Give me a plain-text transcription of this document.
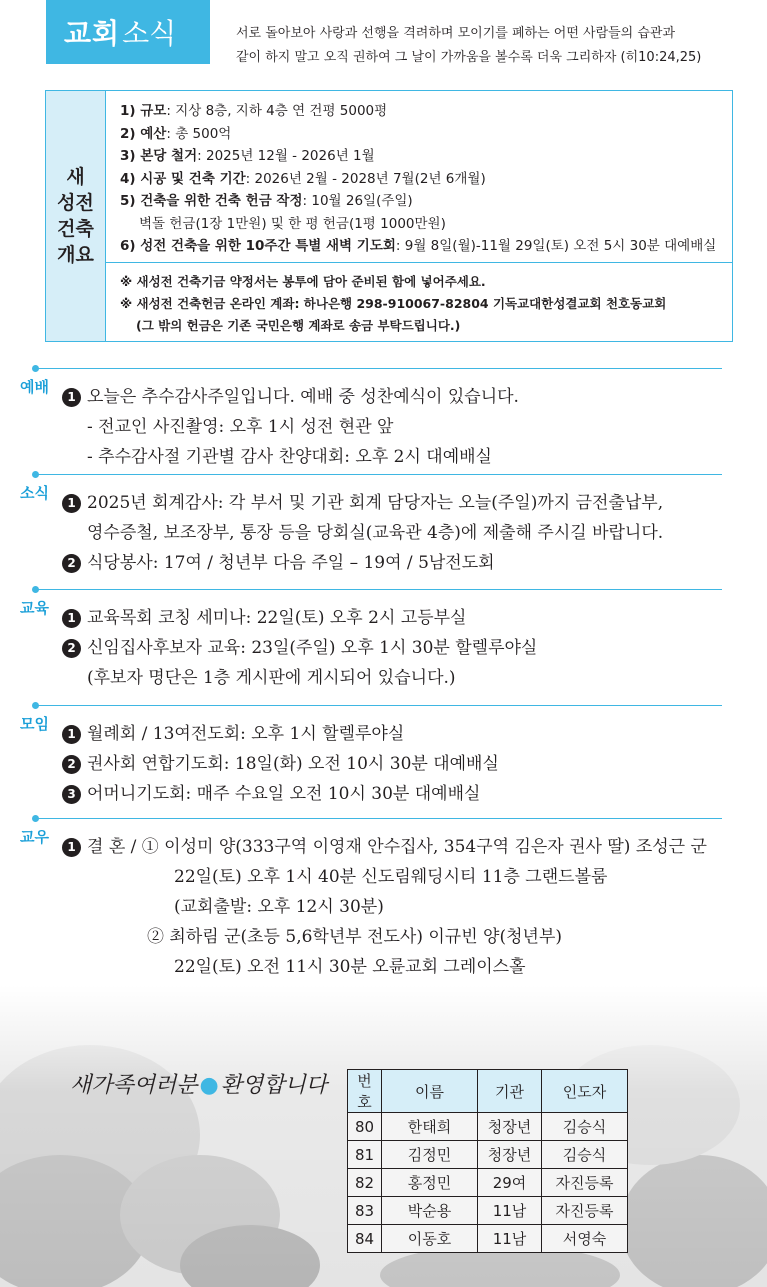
교회 소식	서로 돌아보아 사랑과 선행을 격려하며 모이기를 폐하는 어떤 사람들의 습관과
같이 하지 말고 오직 권하여 그 날이 가까움을 볼수록 더욱 그리하자 (히10:24,25)
새
성전
건축
개요
1) 규모: 지상 8층, 지하 4층 연 건평 5000평
2) 예산: 총 500억
3) 본당 철거: 2025년 12월 - 2026년 1월
4) 시공 및 건축 기간: 2026년 2월 - 2028년 7월(2년 6개월)
5) 건축을 위한 건축 헌금 작정: 10월 26일(주일)
벽돌 헌금(1장 1만원) 및 한 평 헌금(1평 1000만원)
6) 성전 건축을 위한 10주간 특별 새벽 기도회: 9월 8일(월)-11월 29일(토) 오전 5시 30분 대예배실
※ 새성전 건축기금 약정서는 봉투에 담아 준비된 함에 넣어주세요.
※ 새성전 건축헌금 온라인 계좌: 하나은행 298-910067-82804 기독교대한성결교회 천호동교회
(그 밖의 헌금은 기존 국민은행 계좌로 송금 부탁드립니다.)
예배
1 오늘은 추수감사주일입니다. 예배 중 성찬예식이 있습니다.
- 전교인 사진촬영: 오후 1시 성전 현관 앞
- 추수감사절 기관별 감사 찬양대회: 오후 2시 대예배실
소식
1 2025년 회계감사: 각 부서 및 기관 회계 담당자는 오늘(주일)까지 금전출납부,
영수증철, 보조장부, 통장 등을 당회실(교육관 4층)에 제출해 주시길 바랍니다.
2 식당봉사: 17여 / 청년부 다음 주일 – 19여 / 5남전도회
교육
1 교육목회 코칭 세미나: 22일(토) 오후 2시 고등부실
2 신임집사후보자 교육: 23일(주일) 오후 1시 30분 할렐루야실
(후보자 명단은 1층 게시판에 게시되어 있습니다.)
모임
1 월례회 / 13여전도회: 오후 1시 할렐루야실
2 권사회 연합기도회: 18일(화) 오전 10시 30분 대예배실
3 어머니기도회: 매주 수요일 오전 10시 30분 대예배실
교우
1 결 혼 / ① 이성미 양(333구역 이영재 안수집사, 354구역 김은자 권사 딸) 조성근 군
22일(토) 오후 1시 40분 신도림웨딩시티 11층 그랜드볼룸
(교회출발: 오후 12시 30분)
② 최하림 군(초등 5,6학년부 전도사) 이규빈 양(청년부)
22일(토) 오전 11시 30분 오륜교회 그레이스홀
새가족여러분●환영합니다 번호	이름	기관	인도자
80	한태희	청장년	김승식
81	김정민	청장년	김승식
82	홍정민	29여	자진등록
83	박순용	11남	자진등록
84	이동호	11남	서영숙
